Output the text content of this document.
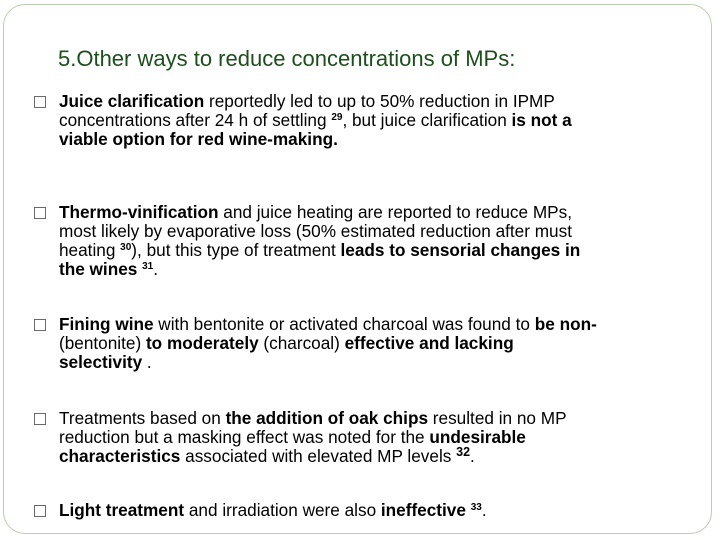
5.Other ways to reduce concentrations of MPs:
Juice clarification reportedly led to up to 50% reduction in IPMP
concentrations after 24 h of settling $^{29}$, but juice clarification is not a
viable option for red wine-making.
Thermo-vinification and juice heating are reported to reduce MPs,
most likely by evaporative loss (50% estimated reduction after must
heating $^{30}$), but this type of treatment leads to sensorial changes in
the wines $^{31}$.
Fining wine with bentonite or activated charcoal was found to be non-
(bentonite) to moderately (charcoal) effective and lacking
selectivity .
Treatments based on the addition of oak chips resulted in no MP
reduction but a masking effect was noted for the undesirable
characteristics associated with elevated MP levels $^{32}$.
Light treatment and irradiation were also ineffective $^{33}$.
